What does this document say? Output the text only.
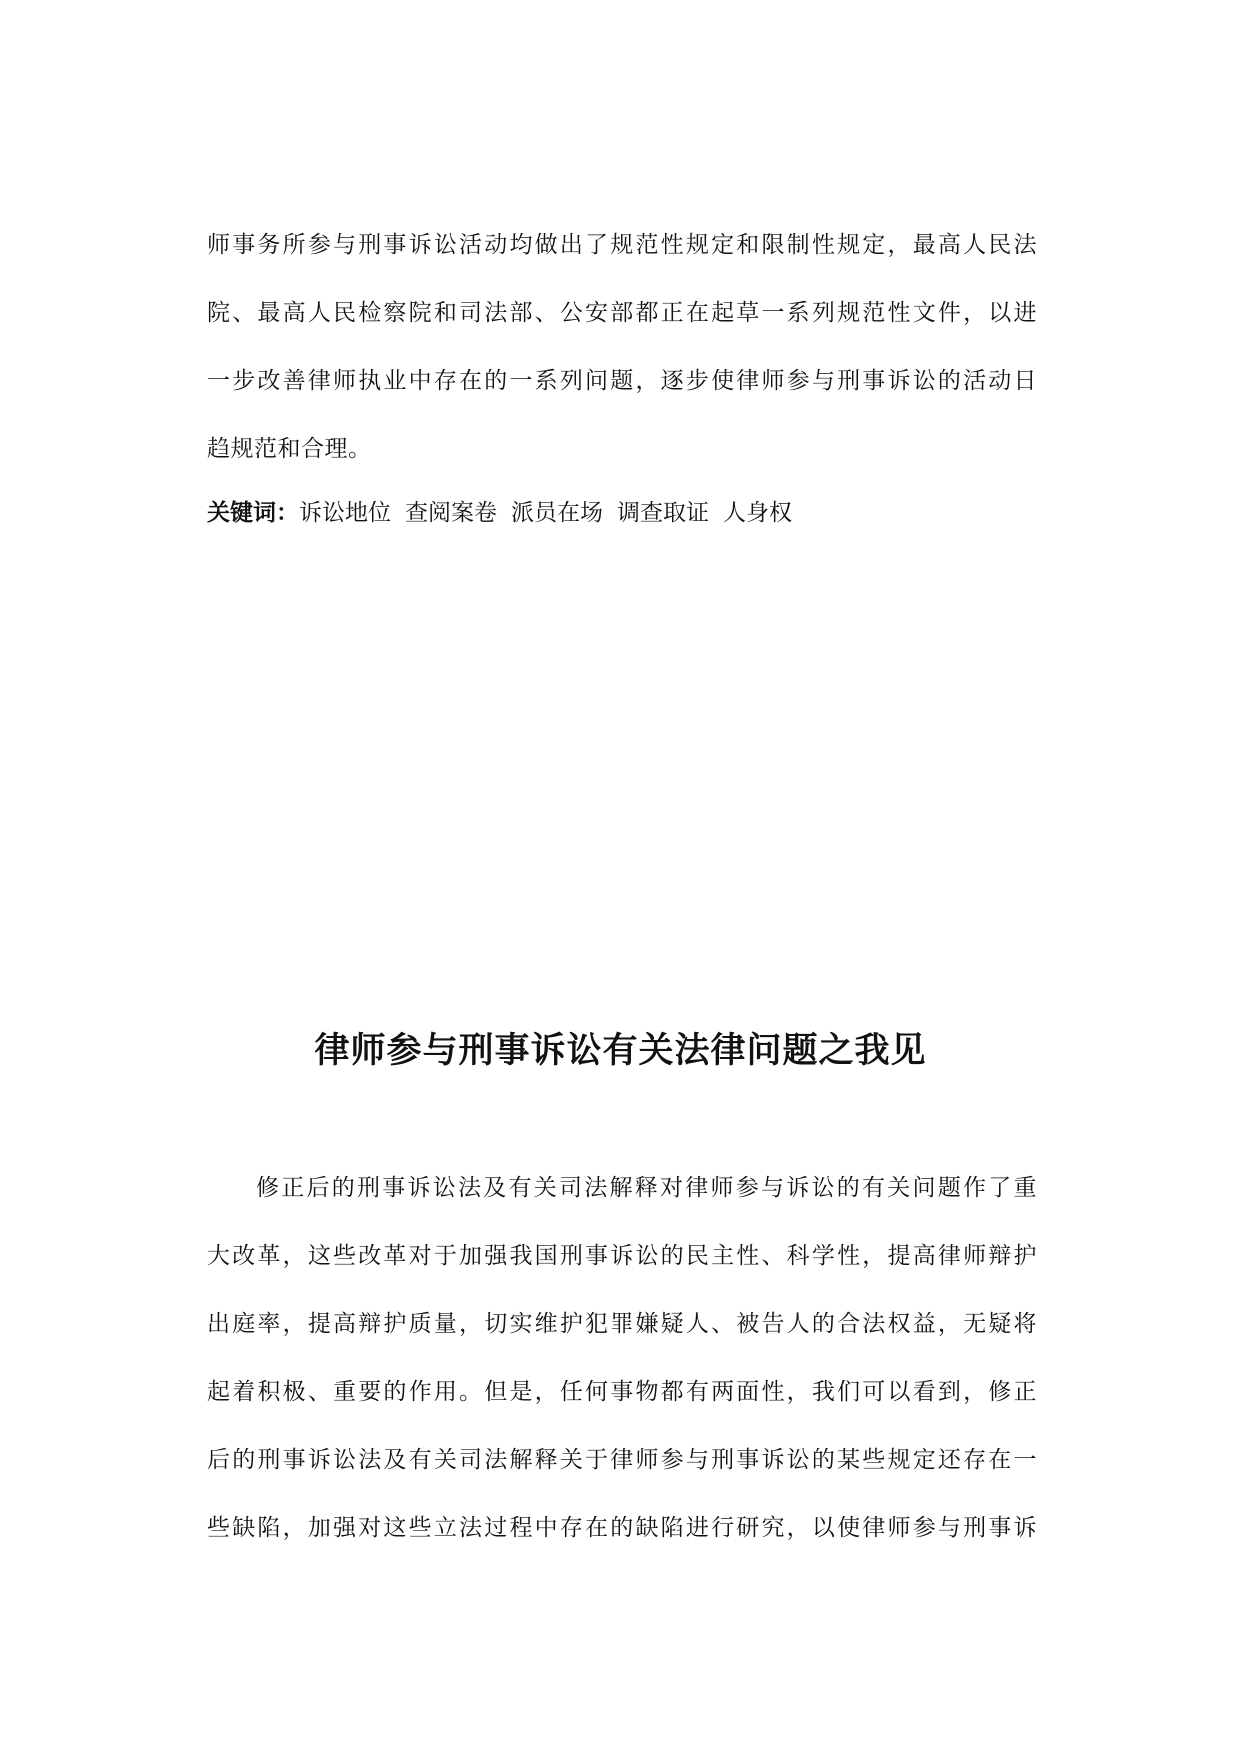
师事务所参与刑事诉讼活动均做出了规范性规定和限制性规定，最高人民法
院、最高人民检察院和司法部、公安部都正在起草一系列规范性文件，以进
一步改善律师执业中存在的一系列问题，逐步使律师参与刑事诉讼的活动日
趋规范和合理。
关键词：诉讼地位 查阅案卷 派员在场 调查取证 人身权
律师参与刑事诉讼有关法律问题之我见
修正后的刑事诉讼法及有关司法解释对律师参与诉讼的有关问题作了重
大改革，这些改革对于加强我国刑事诉讼的民主性、科学性，提高律师辩护
出庭率，提高辩护质量，切实维护犯罪嫌疑人、被告人的合法权益，无疑将
起着积极、重要的作用。但是，任何事物都有两面性，我们可以看到，修正
后的刑事诉讼法及有关司法解释关于律师参与刑事诉讼的某些规定还存在一
些缺陷，加强对这些立法过程中存在的缺陷进行研究，以使律师参与刑事诉
